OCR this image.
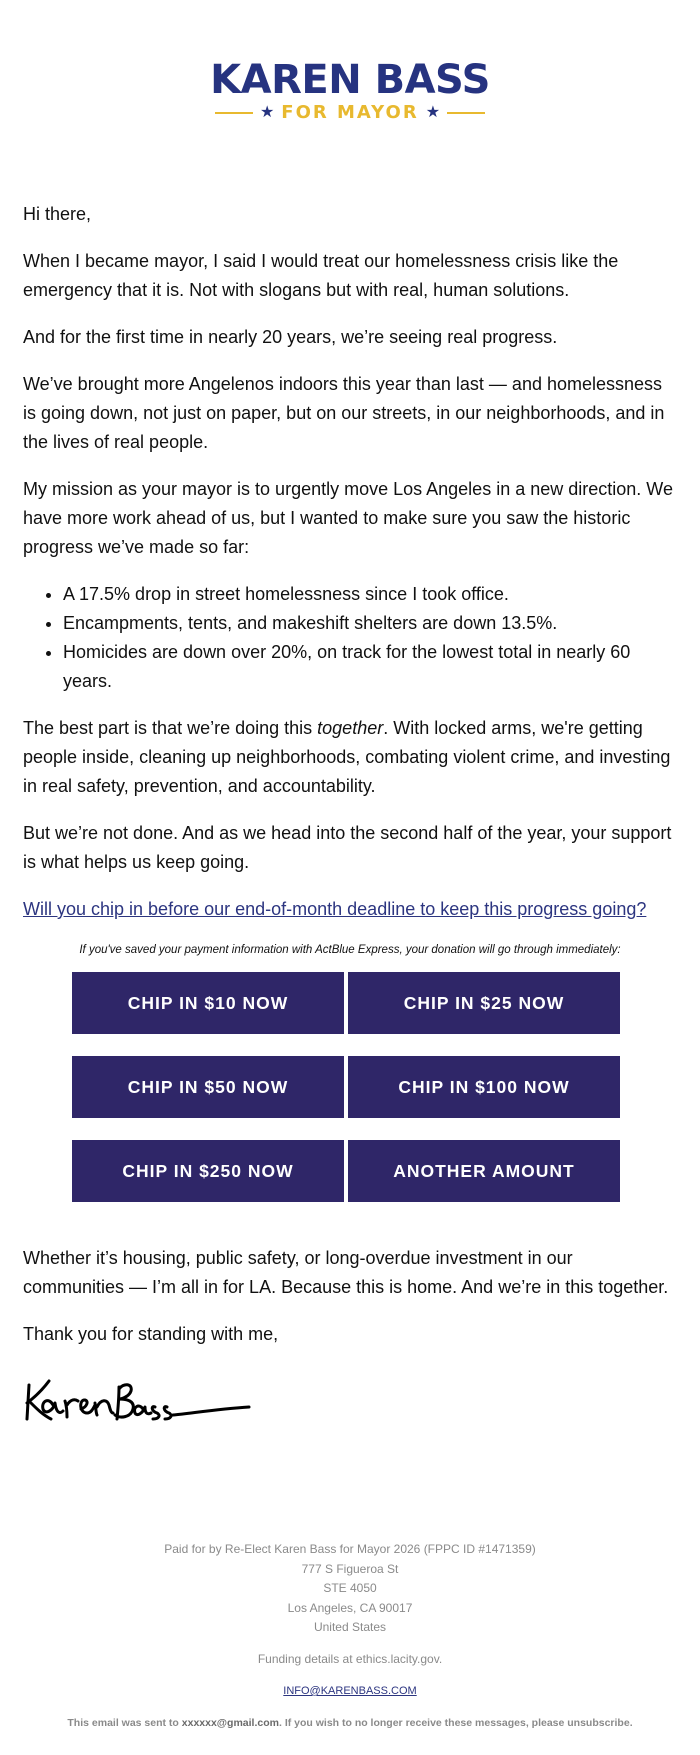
KAREN BASS
★ FOR MAYOR ★

Hi there,

When I became mayor, I said I would treat our homelessness crisis like the emergency that it is. Not with slogans but with real, human solutions.

And for the first time in nearly 20 years, we’re seeing real progress.

We’ve brought more Angelenos indoors this year than last — and homelessness is going down, not just on paper, but on our streets, in our neighborhoods, and in the lives of real people.

My mission as your mayor is to urgently move Los Angeles in a new direction. We have more work ahead of us, but I wanted to make sure you saw the historic progress we’ve made so far:

• A 17.5% drop in street homelessness since I took office.
• Encampments, tents, and makeshift shelters are down 13.5%.
• Homicides are down over 20%, on track for the lowest total in nearly 60 years.

The best part is that we’re doing this together. With locked arms, we're getting people inside, cleaning up neighborhoods, combating violent crime, and investing in real safety, prevention, and accountability.

But we’re not done. And as we head into the second half of the year, your support is what helps us keep going.

Will you chip in before our end-of-month deadline to keep this progress going?
If you've saved your payment information with ActBlue Express, your donation will go through immediately:
CHIP IN $10 NOW	CHIP IN $25 NOW
CHIP IN $50 NOW	CHIP IN $100 NOW
CHIP IN $250 NOW	ANOTHER AMOUNT

Whether it’s housing, public safety, or long-overdue investment in our communities — I’m all in for LA. Because this is home. And we’re in this together.

Thank you for standing with me,

Paid for by Re-Elect Karen Bass for Mayor 2026 (FPPC ID #1471359)
777 S Figueroa St
STE 4050
Los Angeles, CA 90017
United States
Funding details at ethics.lacity.gov.
INFO@KARENBASS.COM
This email was sent to xxxxxx@gmail.com. If you wish to no longer receive these messages, please unsubscribe.
